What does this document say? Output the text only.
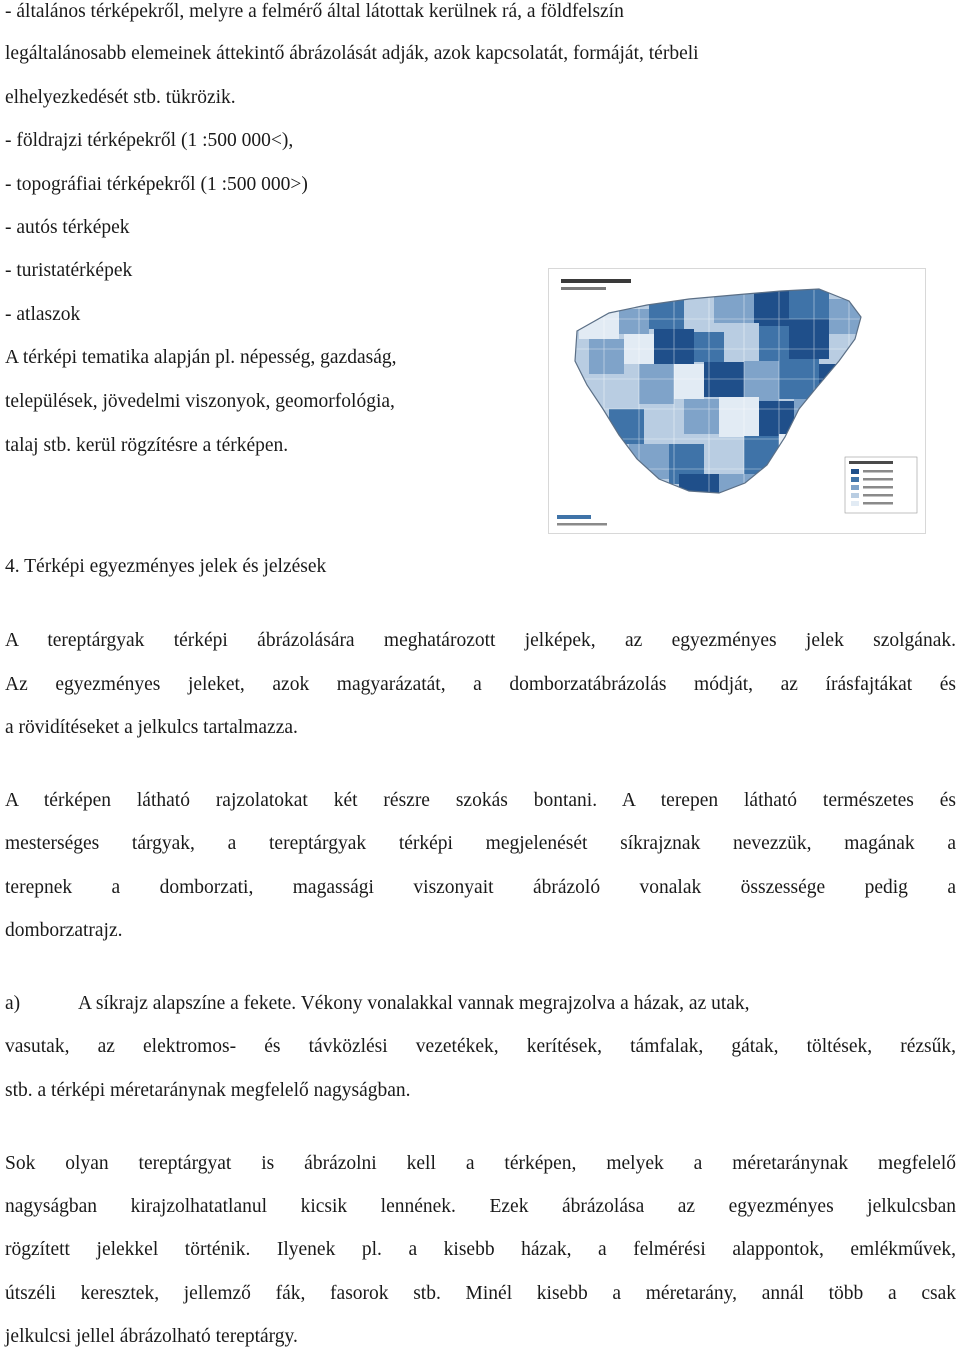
- általános térképekről, melyre a felmérő által látottak kerülnek rá, a földfelszín
legáltalánosabb elemeinek áttekintő ábrázolását adják, azok kapcsolatát, formáját, térbeli
elhelyezkedését stb. tükrözik.
- földrajzi térképekről (1 :500 000<),
- topográfiai térképekről (1 :500 000>)
- autós térképek
- turistatérképek
- atlaszok
A térképi tematika alapján pl. népesség, gazdaság,
települések, jövedelmi viszonyok, geomorfológia,
talaj stb. kerül rögzítésre a térképen.
4. Térképi egyezményes jelek és jelzések
A tereptárgyak térképi ábrázolására meghatározott jelképek, az egyezményes jelek szolgának.
Az egyezményes jeleket, azok magyarázatát, a domborzatábrázolás módját, az írásfajtákat és
a rövidítéseket a jelkulcs tartalmazza.
A térképen látható rajzolatokat két részre szokás bontani. A terepen látható természetes és
mesterséges tárgyak, a tereptárgyak térképi megjelenését síkrajznak nevezzük, magának a
terepnek a domborzati, magassági viszonyait ábrázoló vonalak összessége pedig a
domborzatrajz.
a)	A síkrajz alapszíne a fekete. Vékony vonalakkal vannak megrajzolva a házak, az utak,
vasutak, az elektromos- és távközlési vezetékek, kerítések, támfalak, gátak, töltések, rézsűk,
stb. a térképi méretaránynak megfelelő nagyságban.
Sok olyan tereptárgyat is ábrázolni kell a térképen, melyek a méretaránynak megfelelő
nagyságban kirajzolhatatlanul kicsik lennének. Ezek ábrázolása az egyezményes jelkulcsban
rögzített jelekkel történik. Ilyenek pl. a kisebb házak, a felmérési alappontok, emlékművek,
útszéli keresztek, jellemző fák, fasorok stb. Minél kisebb a méretarány, annál több a csak
jelkulcsi jellel ábrázolható tereptárgy.
